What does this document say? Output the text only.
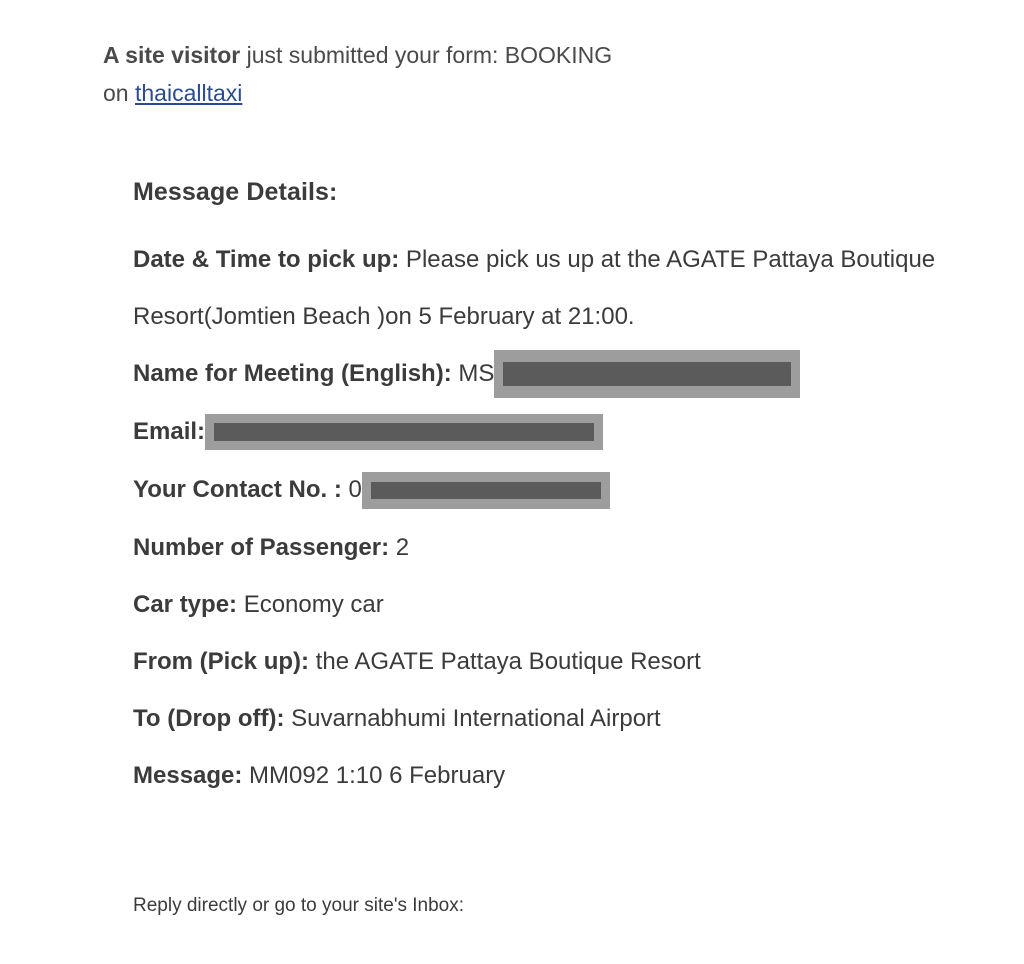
A site visitor just submitted your form: BOOKING
on thaicalltaxi
Message Details:
Date & Time to pick up: Please pick us up at the AGATE Pattaya Boutique Resort(Jomtien Beach )on 5 February at 21:00.
Name for Meeting (English): MS
Email:
Your Contact No. : 0
Number of Passenger: 2
Car type: Economy car
From (Pick up): the AGATE Pattaya Boutique Resort
To (Drop off): Suvarnabhumi International Airport
Message: MM092 1:10 6 February
Reply directly or go to your site's Inbox:
